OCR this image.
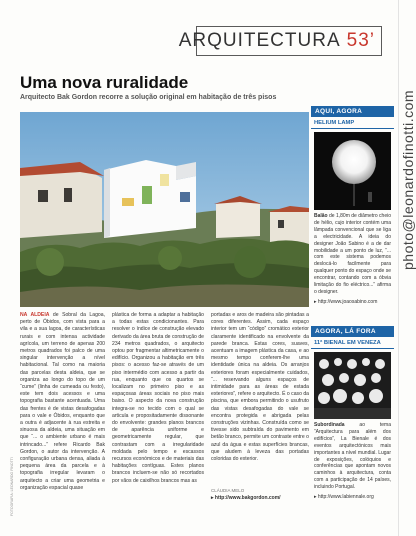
photo@leonardofinotti.com
ARQUITECTURA 53’
Uma nova ruralidade
Arquitecto Bak Gordon recorre a solução original em habitação de três pisos
NA ALDEIA de Sobral da Lagoa, perto de Óbidos, com vista para a vila e a sua lagoa, de características rurais e com intensa actividade agrícola, um terreno de apenas 200 metros quadrados foi palco de uma singular intervenção a nível habitacional. Tal como na maioria das parcelas desta aldeia, que se organiza ao longo do topo de um “cume” (linha de cumeada ou festo), este tem dois acessos e uma topografia bastante acentuada. Uma das frentes é de vistas desafogadas para o vale e Óbidos, enquanto que a outra é adjacente à rua estreita e sinuosa da aldeia, uma situação em que “... o ambiente urbano é mais intrincado...” refere Ricardo Bak Gordon, o autor da intervenção. A configuração urbana densa, aliada à pequena área da parcela e à topografia irregular levaram o arquitecto a criar uma geometria e organização espacial quase
plástica de forma a adaptar a habitação a todas estas condicionantes. Para resolver o índice de construção elevado derivado da área bruta de construção de 234 metros quadrados, o arquitecto optou por fragmentar altimetricamente o edifício. Organizou a habitação em três pisos: o acesso faz-se através de um piso intermédio com acesso a partir da rua, enquanto que os quartos se localizam no primeiro piso e as espaçosas áreas sociais no piso mais baixo. O aspecto da nova construção integra-se no tecido com o qual se articula e propositadamente dissonante do envolvente: grandes planos brancos de aparência uniforme e geometricamente regular, que contrastam com a irregularidade moldada pelo tempo e escassos recursos económicos e de materiais das habitações contíguas. Estes planos brancos incluem-se não só recortados por vãos de caixilhos brancos mas as
portadas e aros de madeira são pintadas a cores diferentes. Assim, cada espaço interior tem um “código” cromático exterior claramente identificado na envolvente da parede branca. Estas cores, suaves, acentuam a imagem plástica da casa, e ao mesmo tempo conferem-lhe uma identidade única na aldeia. Os arranjos exteriores foram especialmente cuidados, “... reservando alguns espaços de intimidade para as áreas de estada exteriores”, refere o arquitecto. É o caso da piscina, que embora permitindo o usufruto das vistas desafogadas do vale se encontra protegida e abrigada pelas construções vizinhas. Construída como se tivesse sido subtraída do pavimento em betão branco, permite um contraste entre o azul da água e estas superfícies brancas, que aludem à leveza das portadas coloridas do exterior.
CLÁUDIA MELO
▸ http://www.bakgordon.com/
FOTOGRAFIA: LEONARDO FINOTTI
AQUI, AGORA
HELIUM LAMP
Balão de 1,80m de diâmetro cheio de hélio, cujo interior contém uma lâmpada convencional que se liga a electricidade. A ideia do designer João Sabino é a de dar mobilidade a um ponto de luz, “... com este sistema podemos deslocá-lo facilmente para qualquer ponto do espaço onde se encontrar, contando com a óbvia limitação do fio eléctrico...” afirma o designer.
▸ http://www.joaosabino.com
AGORA, LÁ FORA
11ª BIENAL EM VENEZA
Subordinada ao tema “Arquitectura para além dos edifícios”, La Bienale é dos eventos arquitectónicos mais importantes a nível mundial. Lugar de exposições, colóquios e conferências que apontam novos caminhos à arquitectura, conta com a participação de 14 países, incluindo Portugal.
▸ http://www.labiennale.org
